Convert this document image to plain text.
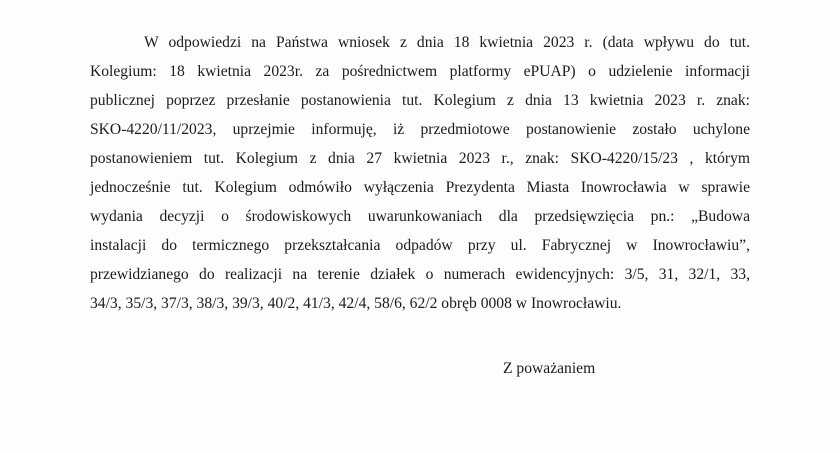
W odpowiedzi na Państwa wniosek z dnia 18 kwietnia 2023 r. (data wpływu do tut.
Kolegium: 18 kwietnia 2023r. za pośrednictwem platformy ePUAP) o udzielenie informacji
publicznej poprzez przesłanie postanowienia tut. Kolegium z dnia 13 kwietnia 2023 r. znak:
SKO-4220/11/2023, uprzejmie informuję, iż przedmiotowe postanowienie zostało uchylone
postanowieniem tut. Kolegium z dnia 27 kwietnia 2023 r., znak: SKO-4220/15/23 , którym
jednocześnie tut. Kolegium odmówiło wyłączenia Prezydenta Miasta Inowrocławia w sprawie
wydania decyzji o środowiskowych uwarunkowaniach dla przedsięwzięcia pn.: „Budowa
instalacji do termicznego przekształcania odpadów przy ul. Fabrycznej w Inowrocławiu”,
przewidzianego do realizacji na terenie działek o numerach ewidencyjnych: 3/5, 31, 32/1, 33,
34/3, 35/3, 37/3, 38/3, 39/3, 40/2, 41/3, 42/4, 58/6, 62/2 obręb 0008 w Inowrocławiu.
Z poważaniem
